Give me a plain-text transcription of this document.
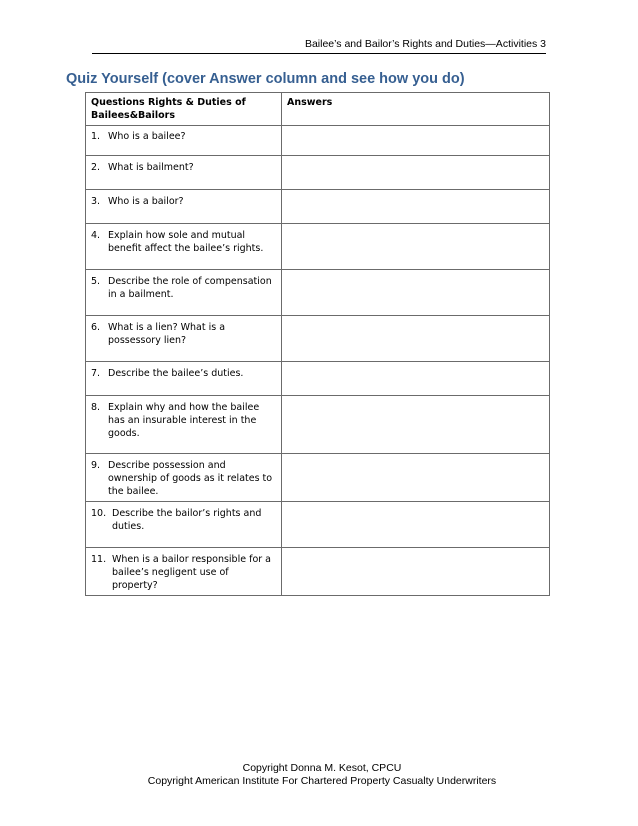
Bailee’s and Bailor’s Rights and Duties—Activities 3
Quiz Yourself (cover Answer column and see how you do)
Questions Rights & Duties of Bailees&Bailors	Answers

1. Who is a bailee?	

2. What is bailment?	

3. Who is a bailor?	

4. Explain how sole and mutual benefit affect the bailee’s rights.	

5. Describe the role of compensation in a bailment.	

6. What is a lien? What is a possessory lien?	

7. Describe the bailee’s duties.	

8. Explain why and how the bailee has an insurable interest in the goods.	

9. Describe possession and ownership of goods as it relates to the bailee.	

10. Describe the bailor’s rights and duties.	

11. When is a bailor responsible for a bailee’s negligent use of property?	

Copyright Donna M. Kesot, CPCU
Copyright American Institute For Chartered Property Casualty Underwriters
